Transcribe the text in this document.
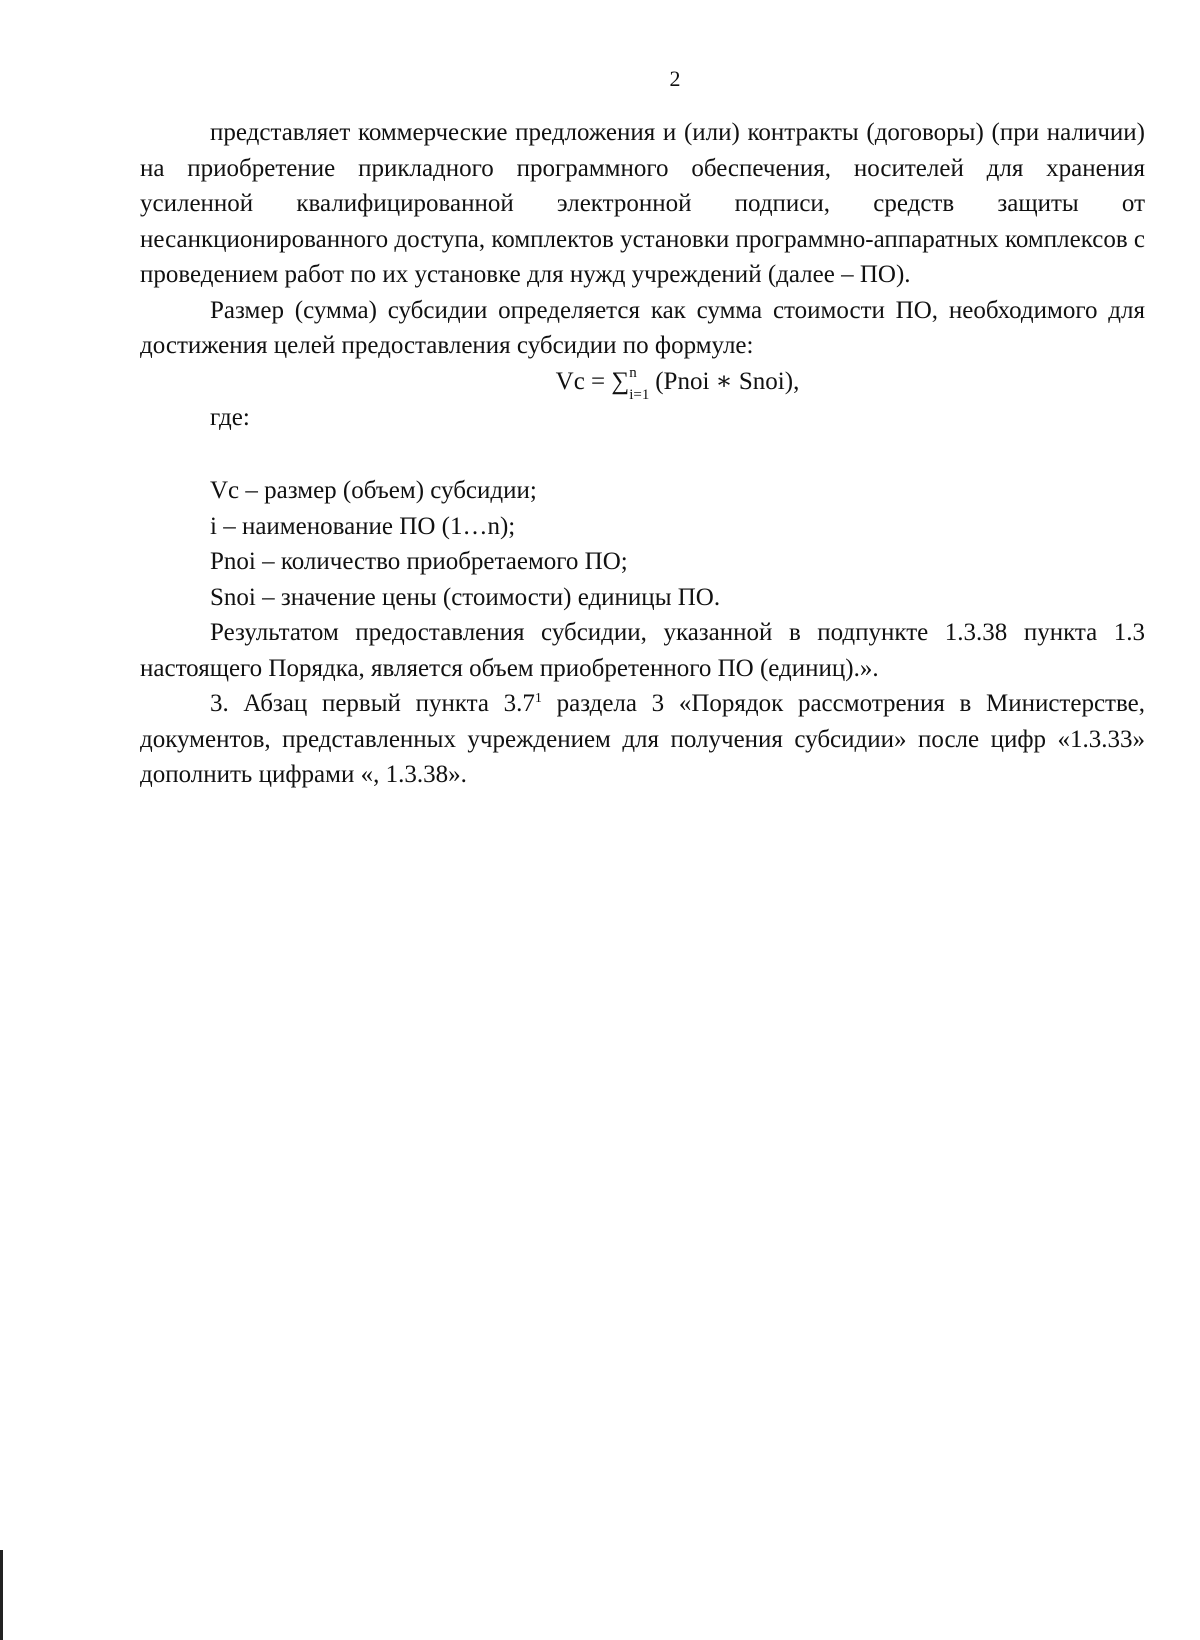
2

представляет коммерческие предложения и (или) контракты (договоры) (при наличии) на приобретение прикладного программного обеспечения, носителей для хранения усиленной квалифицированной электронной подписи, средств защиты от несанкционированного доступа, комплектов установки программно-аппаратных комплексов с проведением работ по их установке для нужд учреждений (далее – ПО).

Размер (сумма) субсидии определяется как сумма стоимости ПО, необходимого для достижения целей предоставления субсидии по формуле:

Vc = ∑ n
i=1
(Pnoi ∗ Snoi),

где:

Vc – размер (объем) субсидии;

i – наименование ПО (1…n);

Pnoi – количество приобретаемого ПО;

Snoi – значение цены (стоимости) единицы ПО.

Результатом предоставления субсидии, указанной в подпункте 1.3.38 пункта 1.3 настоящего Порядка, является объем приобретенного ПО (единиц).».

3. Абзац первый пункта 3.7$^1$ раздела 3 «Порядок рассмотрения в Министерстве, документов, представленных учреждением для получения субсидии» после цифр «1.3.33» дополнить цифрами «, 1.3.38».
